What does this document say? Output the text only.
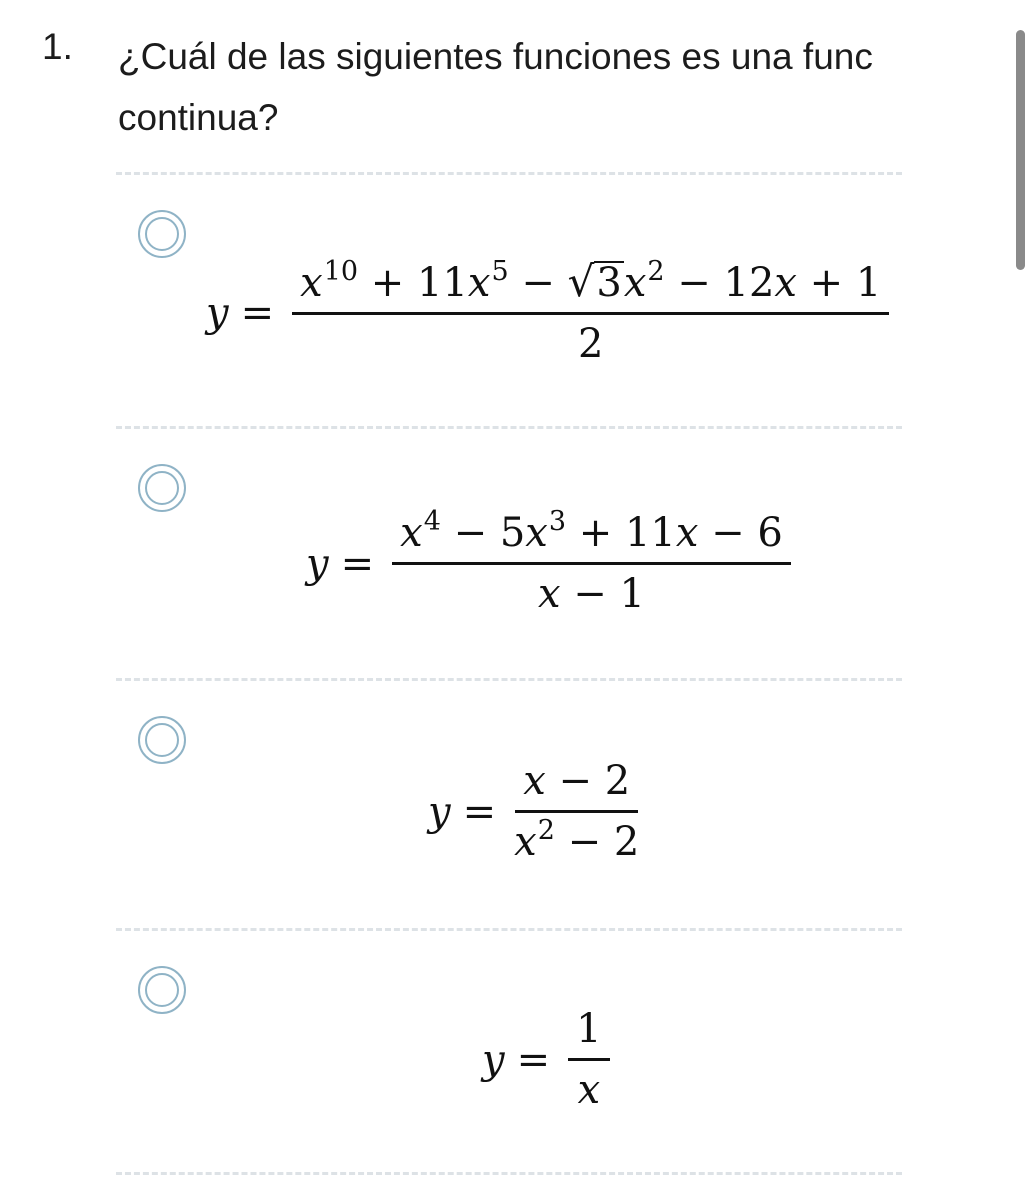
1. ¿Cuál de las siguientes funciones es una func
continua?
$y = \frac{x^{10} + 11x^5 - √3x^2 - 12x + 1}{2}$
$y = \frac{x^4 - 5x^3 + 11x - 6}{x - 1}$
$y = \frac{x - 2}{x^2 - 2}$
$y = \frac{1}{x}$
